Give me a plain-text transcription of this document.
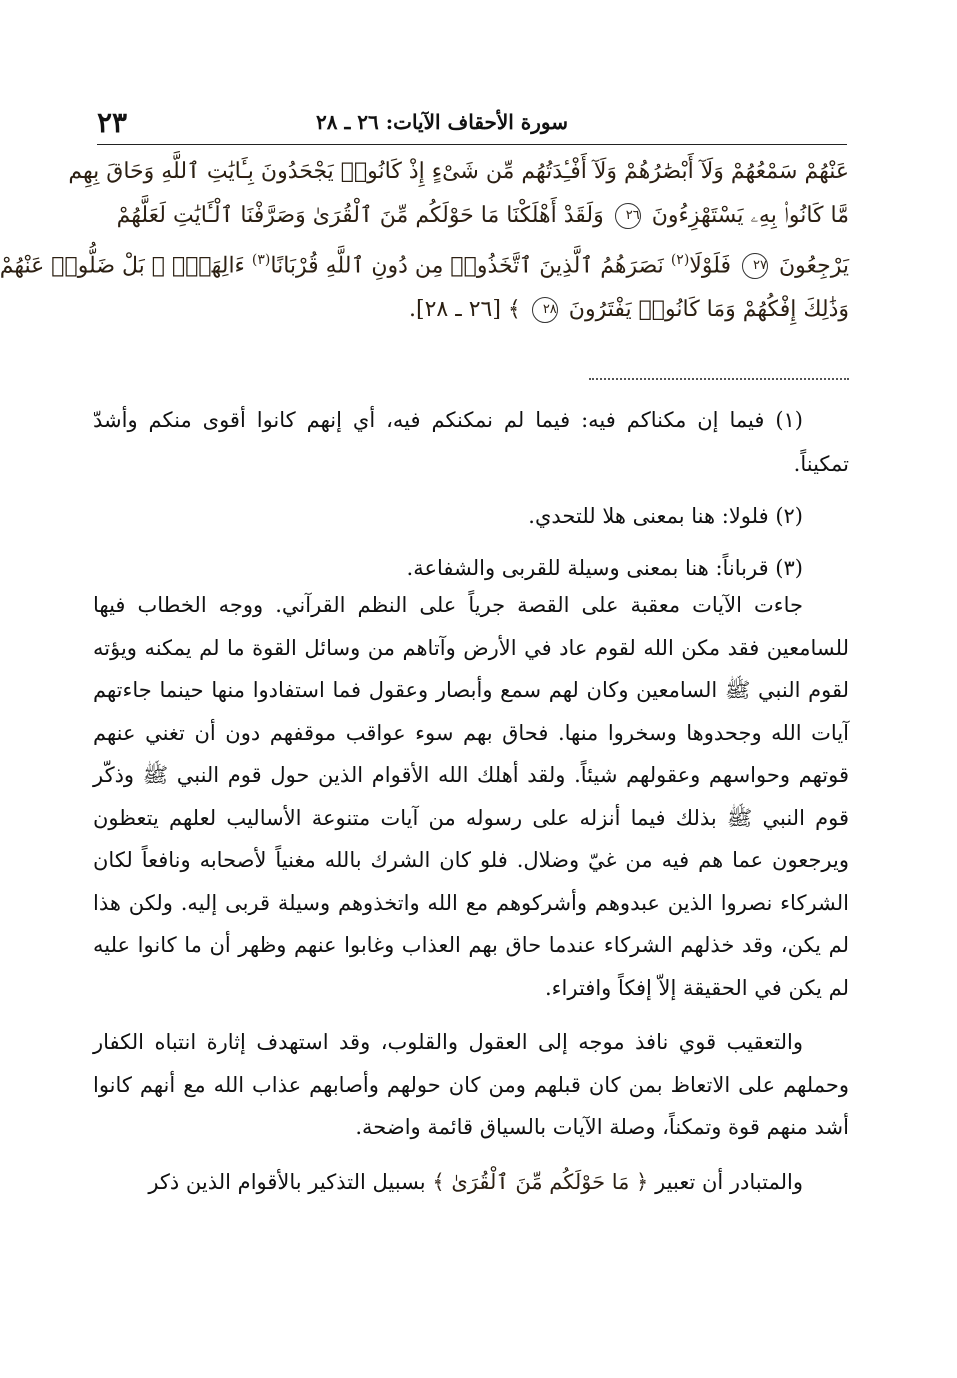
٢٣	سورة الأحقاف الآيات: ٢٦ ـ ٢٨
عَنْهُمْ سَمْعُهُمْ وَلَآ أَبْصَٰرُهُمْ وَلَآ أَفْـِٔدَتُهُم مِّن شَىْءٍ إِذْ كَانُوا۟ يَجْحَدُونَ بِـَٔايَٰتِ ٱللَّهِ وَحَاقَ بِهِم
مَّا كَانُوا۟ بِهِۦ يَسْتَهْزِءُونَ ٢٦ وَلَقَدْ أَهْلَكْنَا مَا حَوْلَكُم مِّنَ ٱلْقُرَىٰ وَصَرَّفْنَا ٱلْـَٔايَٰتِ لَعَلَّهُمْ
يَرْجِعُونَ ٢٧ فَلَوْلَا$^{(٢)}$ نَصَرَهُمُ ٱلَّذِينَ ٱتَّخَذُوا۟ مِن دُونِ ٱللَّهِ قُرْبَانًا$^{(٣)}$ ءَالِهَةًۢ ۖ بَلْ ضَلُّوا۟ عَنْهُمْ
وَذَٰلِكَ إِفْكُهُمْ وَمَا كَانُوا۟ يَفْتَرُونَ ٢٨ ﴾ [٢٦ ـ ٢٨].

(١) فيما إن مكناكم فيه: فيما لم نمكنكم فيه، أي إنهم كانوا أقوى منكم وأشدّ تمكيناً.

(٢) فلولا: هنا بمعنى هلا للتحدي.

(٣) قرباناً: هنا بمعنى وسيلة للقربى والشفاعة.

جاءت الآيات معقبة على القصة جرياً على النظم القرآني. ووجه الخطاب فيها للسامعين فقد مكن الله لقوم عاد في الأرض وآتاهم من وسائل القوة ما لم يمكنه ويؤته لقوم النبي ﷺ السامعين وكان لهم سمع وأبصار وعقول فما استفادوا منها حينما جاءتهم آيات الله وجحدوها وسخروا منها. فحاق بهم سوء عواقب موقفهم دون أن تغني عنهم قوتهم وحواسهم وعقولهم شيئاً. ولقد أهلك الله الأقوام الذين حول قوم النبي ﷺ وذكّر قوم النبي ﷺ بذلك فيما أنزله على رسوله من آيات متنوعة الأساليب لعلهم يتعظون ويرجعون عما هم فيه من غيّ وضلال. فلو كان الشرك بالله مغنياً لأصحابه ونافعاً لكان الشركاء نصروا الذين عبدوهم وأشركوهم مع الله واتخذوهم وسيلة قربى إليه. ولكن هذا لم يكن، وقد خذلهم الشركاء عندما حاق بهم العذاب وغابوا عنهم وظهر أن ما كانوا عليه لم يكن في الحقيقة إلاّ إفكاً وافتراء.

والتعقيب قوي نافذ موجه إلى العقول والقلوب، وقد استهدف إثارة انتباه الكفار وحملهم على الاتعاظ بمن كان قبلهم ومن كان حولهم وأصابهم عذاب الله مع أنهم كانوا أشد منهم قوة وتمكناً، وصلة الآيات بالسياق قائمة واضحة.

والمتبادر أن تعبير ﴿ مَا حَوْلَكُم مِّنَ ٱلْقُرَىٰ ﴾ بسبيل التذكير بالأقوام الذين ذكر
